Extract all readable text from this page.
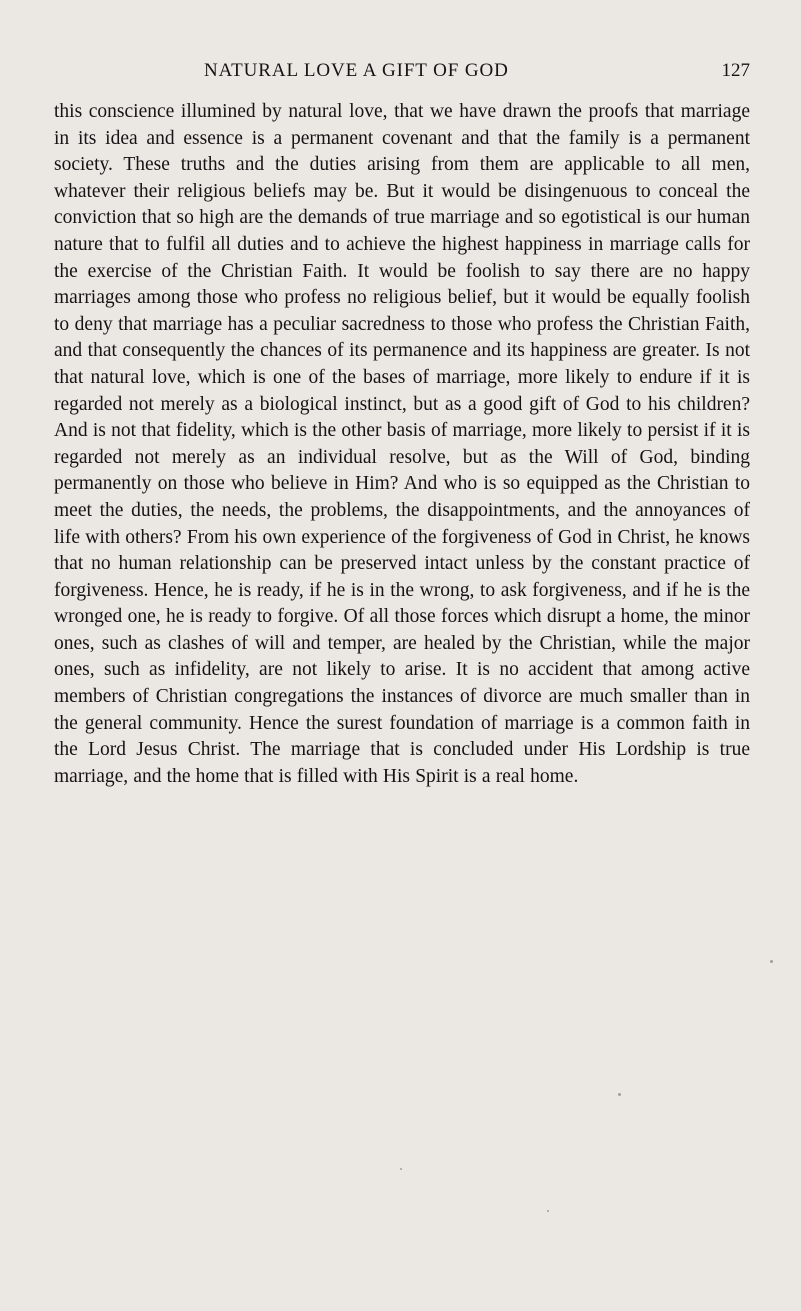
NATURAL LOVE A GIFT OF GOD	127

this conscience illumined by natural love, that we have drawn the proofs that marriage in its idea and essence is a permanent covenant and that the family is a permanent society. These truths and the duties arising from them are applicable to all men, whatever their religious beliefs may be. But it would be disingenuous to conceal the conviction that so high are the demands of true marriage and so egotistical is our human nature that to fulfil all duties and to achieve the highest happiness in marriage calls for the exercise of the Christian Faith. It would be foolish to say there are no happy marriages among those who profess no religious belief, but it would be equally foolish to deny that marriage has a peculiar sacredness to those who profess the Christian Faith, and that consequently the chances of its permanence and its happiness are greater. Is not that natural love, which is one of the bases of marriage, more likely to endure if it is regarded not merely as a biological instinct, but as a good gift of God to his children? And is not that fidelity, which is the other basis of marriage, more likely to persist if it is regarded not merely as an individual resolve, but as the Will of God, binding permanently on those who believe in Him? And who is so equipped as the Christian to meet the duties, the needs, the problems, the disappointments, and the annoyances of life with others? From his own experience of the forgiveness of God in Christ, he knows that no human relationship can be preserved intact unless by the constant practice of forgiveness. Hence, he is ready, if he is in the wrong, to ask forgiveness, and if he is the wronged one, he is ready to forgive. Of all those forces which disrupt a home, the minor ones, such as clashes of will and temper, are healed by the Christian, while the major ones, such as infidelity, are not likely to arise. It is no accident that among active members of Christian congregations the instances of divorce are much smaller than in the general community. Hence the surest foundation of marriage is a common faith in the Lord Jesus Christ. The marriage that is concluded under His Lordship is true marriage, and the home that is filled with His Spirit is a real home.
